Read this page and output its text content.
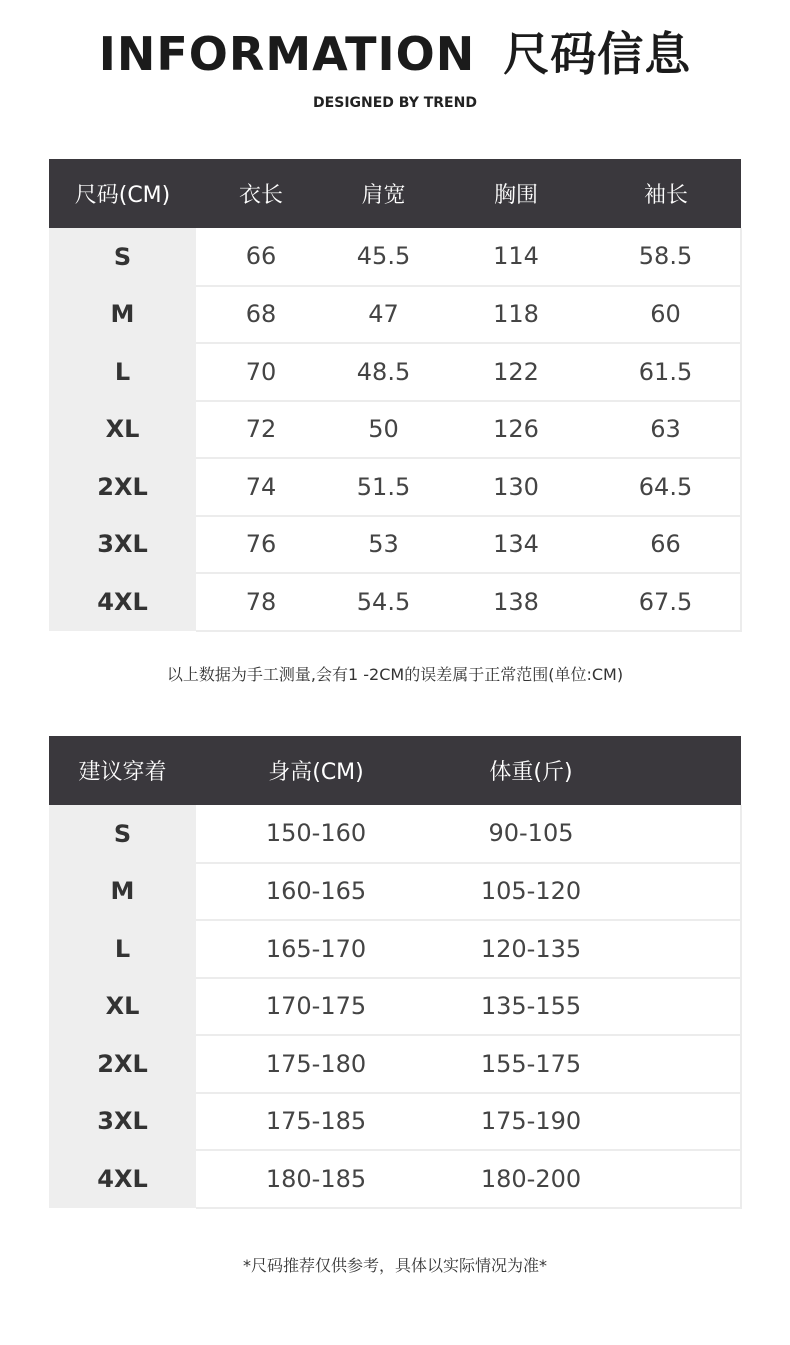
INFORMATION 尺码信息
DESIGNED BY TREND
尺码(CM)	衣长	肩宽	胸围	袖长
S	66	45.5	114	58.5
M	68	47	118	60
L	70	48.5	122	61.5
XL	72	50	126	63
2XL	74	51.5	130	64.5
3XL	76	53	134	66
4XL	78	54.5	138	67.5
以上数据为手工测量,会有1 -2CM的误差属于正常范围(单位:CM)
建议穿着	身高(CM)	体重(斤)	
S	150-160	90-105	
M	160-165	105-120	
L	165-170	120-135	
XL	170-175	135-155	
2XL	175-180	155-175	
3XL	175-185	175-190	
4XL	180-185	180-200	
*尺码推荐仅供参考，具体以实际情况为准*
